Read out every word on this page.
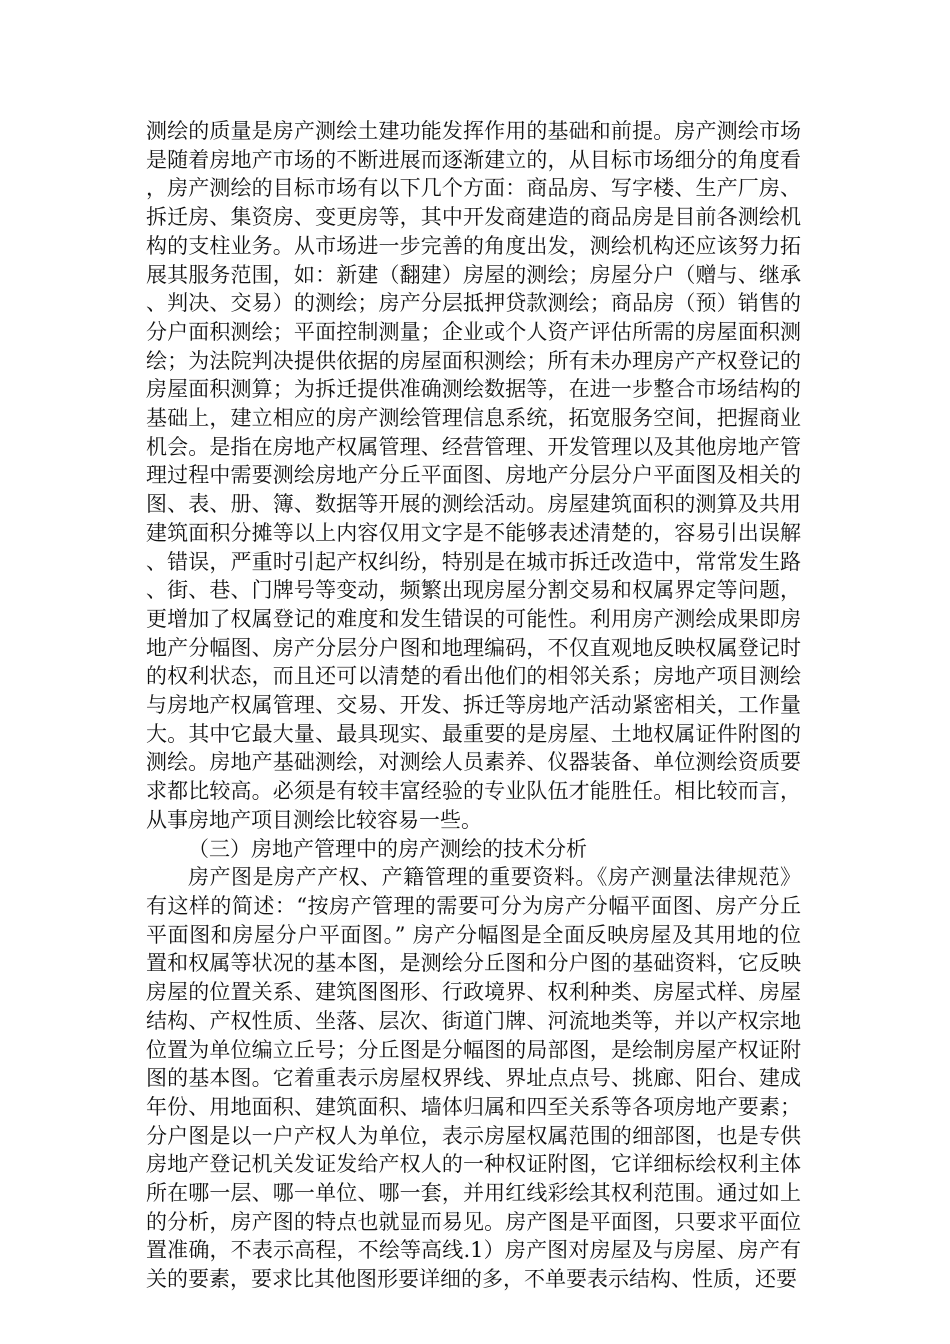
测绘的质量是房产测绘土建功能发挥作用的基础和前提。房产测绘市场是随着房地产市场的不断进展而逐渐建立的，从目标市场细分的角度看，房产测绘的目标市场有以下几个方面：商品房、写字楼、生产厂房、拆迁房、集资房、变更房等，其中开发商建造的商品房是目前各测绘机构的支柱业务。从市场进一步完善的角度出发，测绘机构还应该努力拓展其服务范围，如：新建（翻建）房屋的测绘；房屋分户（赠与、继承、判决、交易）的测绘；房产分层抵押贷款测绘；商品房（预）销售的分户面积测绘；平面控制测量；企业或个人资产评估所需的房屋面积测绘；为法院判决提供依据的房屋面积测绘；所有未办理房产产权登记的房屋面积测算；为拆迁提供准确测绘数据等，在进一步整合市场结构的基础上，建立相应的房产测绘管理信息系统，拓宽服务空间，把握商业机会。是指在房地产权属管理、经营管理、开发管理以及其他房地产管理过程中需要测绘房地产分丘平面图、房地产分层分户平面图及相关的图、表、册、簿、数据等开展的测绘活动。房屋建筑面积的测算及共用建筑面积分摊等以上内容仅用文字是不能够表述清楚的，容易引出误解、错误，严重时引起产权纠纷，特别是在城市拆迁改造中，常常发生路、街、巷、门牌号等变动，频繁出现房屋分割交易和权属界定等问题，更增加了权属登记的难度和发生错误的可能性。利用房产测绘成果即房地产分幅图、房产分层分户图和地理编码，不仅直观地反映权属登记时的权利状态，而且还可以清楚的看出他们的相邻关系；房地产项目测绘与房地产权属管理、交易、开发、拆迁等房地产活动紧密相关，工作量大。其中它最大量、最具现实、最重要的是房屋、土地权属证件附图的测绘。房地产基础测绘，对测绘人员素养、仪器装备、单位测绘资质要求都比较高。必须是有较丰富经验的专业队伍才能胜任。相比较而言，从事房地产项目测绘比较容易一些。

（三）房地产管理中的房产测绘的技术分析

房产图是房产产权、产籍管理的重要资料。《房产测量法律规范》有这样的简述：“按房产管理的需要可分为房产分幅平面图、房产分丘平面图和房屋分户平面图。” 房产分幅图是全面反映房屋及其用地的位置和权属等状况的基本图，是测绘分丘图和分户图的基础资料，它反映房屋的位置关系、建筑图图形、行政境界、权利种类、房屋式样、房屋结构、产权性质、坐落、层次、街道门牌、河流地类等，并以产权宗地位置为单位编立丘号；分丘图是分幅图的局部图，是绘制房屋产权证附图的基本图。它着重表示房屋权界线、界址点点号、挑廊、阳台、建成年份、用地面积、建筑面积、墙体归属和四至关系等各项房地产要素；分户图是以一户产权人为单位，表示房屋权属范围的细部图，也是专供房地产登记机关发证发给产权人的一种权证附图，它详细标绘权利主体所在哪一层、哪一单位、哪一套，并用红线彩绘其权利范围。通过如上的分析，房产图的特点也就显而易见。房产图是平面图，只要求平面位置准确，不表示高程，不绘等高线.1）房产图对房屋及与房屋、房产有关的要素，要求比其他图形要详细的多，不单要表示结构、性质，还要
